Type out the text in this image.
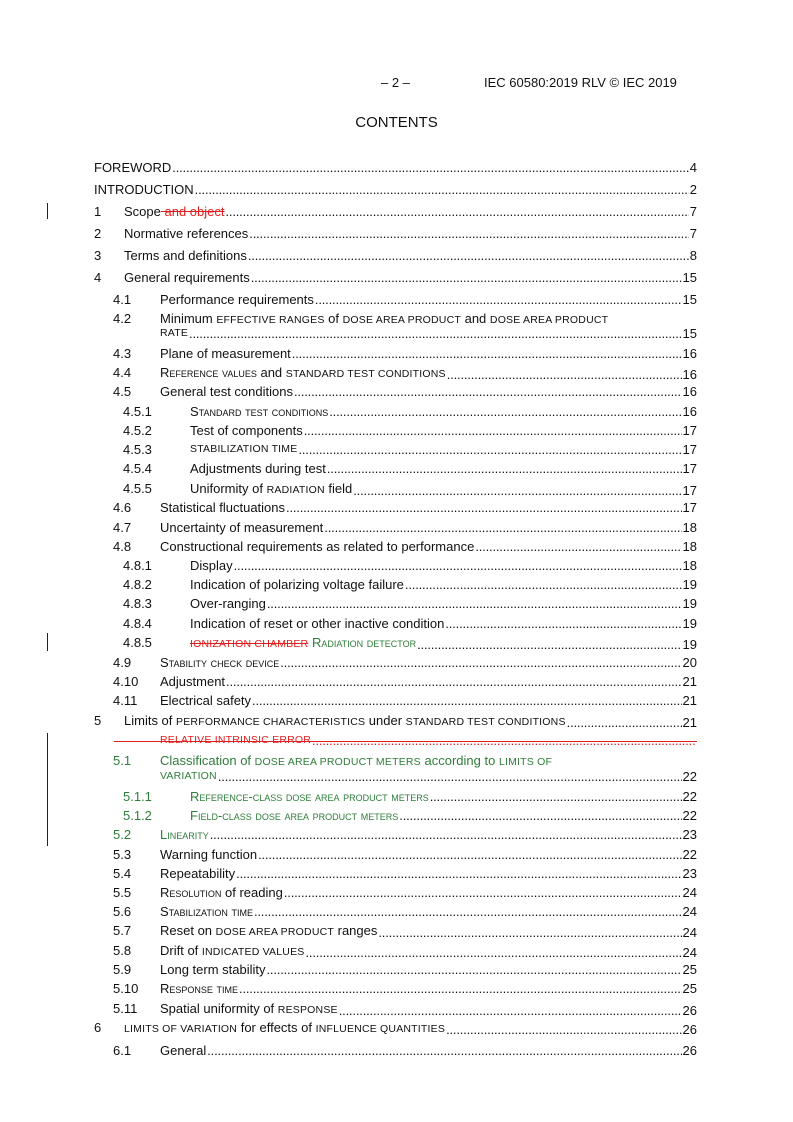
– 2 –	IEC 60580:2019 RLV © IEC 2019
CONTENTS
FOREWORD . . .	4
INTRODUCTION . . .	2
1 Scope and object . . .	7
2 Normative references . . .	7
3 Terms and definitions . . .	8
4 General requirements . . .	15
4.1 Performance requirements . . .	15
4.2 Minimum EFFECTIVE RANGES of DOSE AREA PRODUCT and DOSE AREA PRODUCT
RATE . . .	15
4.3 Plane of measurement . . .	16
4.4 Reference values and STANDARD TEST CONDITIONS . . .	16
4.5 General test conditions . . .	16
4.5.1	Standard test conditions . . .	16
4.5.2	Test of components . . .	17
4.5.3	STABILIZATION TIME . . .	17
4.5.4	Adjustments during test . . .	17
4.5.5	Uniformity of RADIATION field . . .	17
4.6 Statistical fluctuations . . .	17
4.7 Uncertainty of measurement . . .	18
4.8 Constructional requirements as related to performance . . .	18
4.8.1	Display . . .	18
4.8.2	Indication of polarizing voltage failure . . .	19
4.8.3	Over-ranging . . .	19
4.8.4	Indication of reset or other inactive condition . . .	19
4.8.5	IONIZATION CHAMBER Radiation detector . . .	19
4.9 Stability check device . . .	20
4.10 Adjustment . . .	21
4.11 Electrical safety . . .	21
5 Limits of PERFORMANCE CHARACTERISTICS under STANDARD TEST CONDITIONS . . .	21
RELATIVE INTRINSIC ERROR
. . .
5.1 Classification of DOSE AREA PRODUCT METERS according to LIMITS OF
VARIATION . . .	22
5.1.1	Reference-class dose area product meters . . .	22
5.1.2	Field-class dose area product meters . . .	22
5.2 Linearity . . .	23
5.3 Warning function . . .	22
5.4 Repeatability . . .	23
5.5 Resolution of reading . . .	24
5.6 Stabilization time . . .	24
5.7 Reset on DOSE AREA PRODUCT ranges . . .	24
5.8 Drift of INDICATED VALUES . . .	24
5.9 Long term stability . . .	25
5.10 Response time . . .	25
5.11 Spatial uniformity of RESPONSE . . .	26
6 LIMITS OF VARIATION for effects of INFLUENCE QUANTITIES . . .	26
6.1 General . . .	26
